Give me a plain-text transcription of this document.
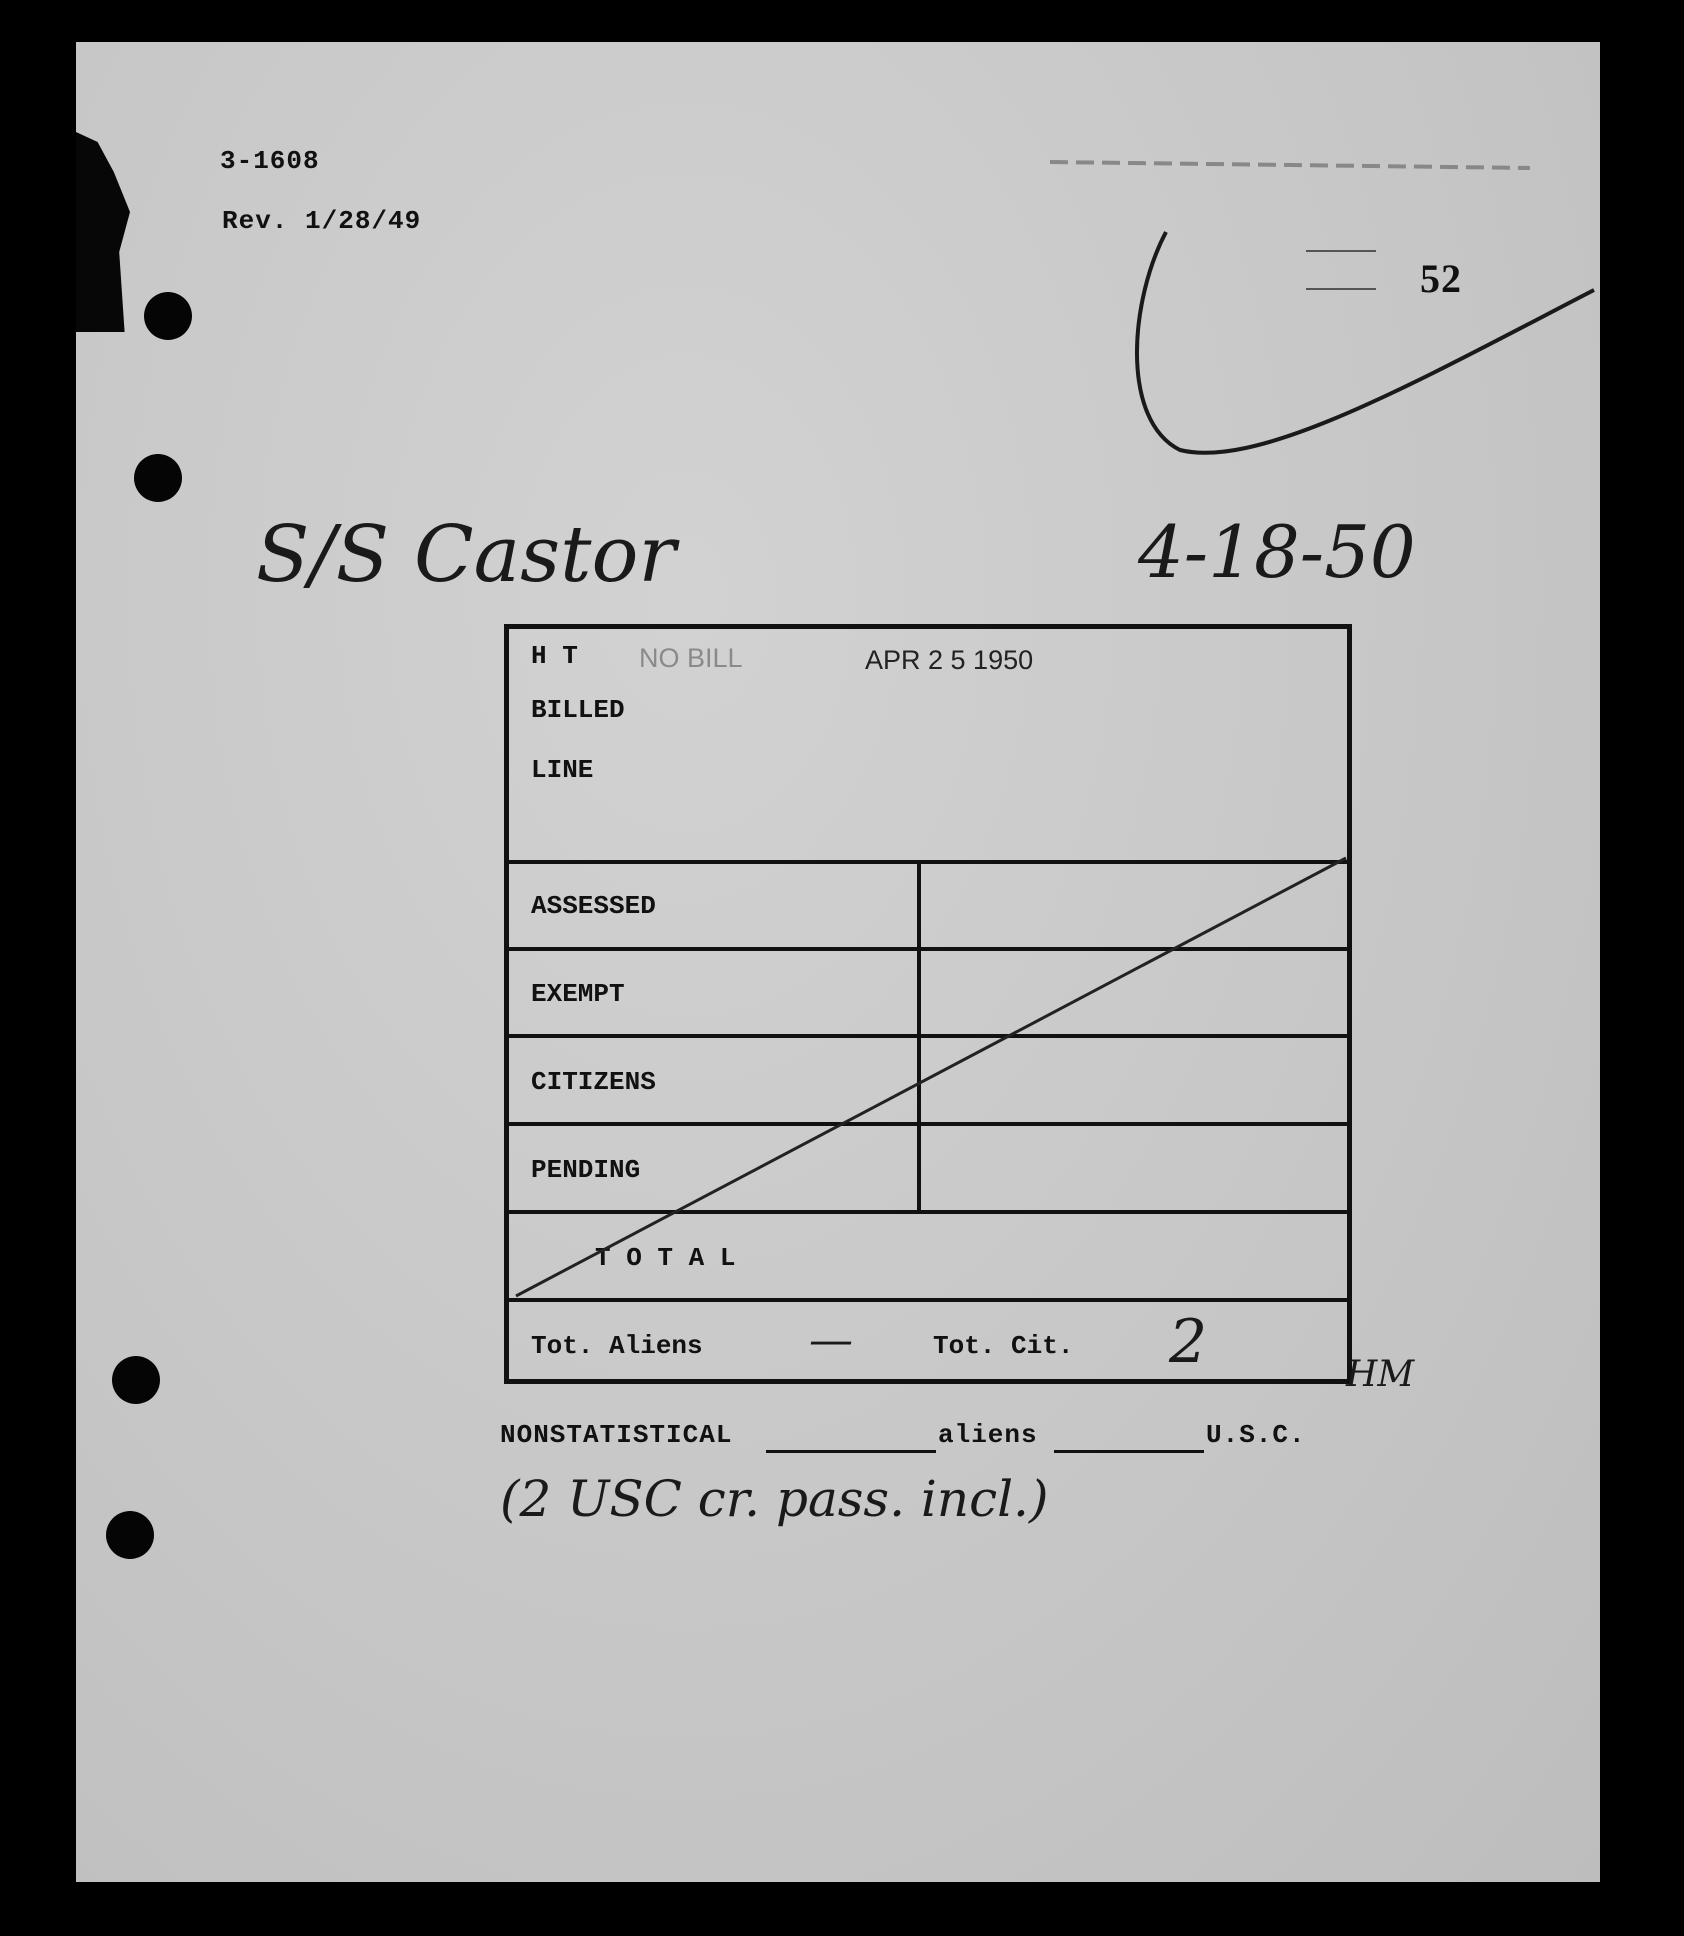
3-1608
Rev. 1/28/49
52
S/S Castor	4-18-50
H T NO BILL	APR 2 5 1950
BILLED
LINE
ASSESSED
EXEMPT
CITIZENS
PENDING
T O T A L
Tot. Aliens —	Tot. Cit. 2	HM
NONSTATISTICAL	aliens	U.S.C.
(2 USC cr. pass. incl.)
